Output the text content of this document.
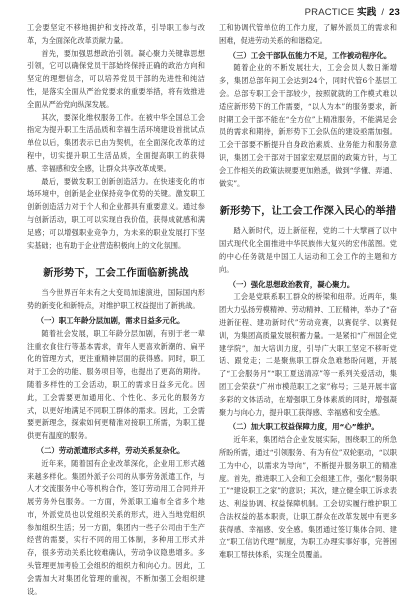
PRACTICE 实践 / 23

工会要坚定不移地拥护和支持改革，引导职工参与改革，为全面深化改革贡献力量。

首先，要加强思想政治引领。凝心聚力关键靠思想引领，它可以确保党员干部始终保持正确的政治方向和坚定的理想信念，可以培养党员干部的先进性和纯洁性，是落实全面从严治党要求的重要举措，将有效推进全面从严治党向纵深发展。

其次，要深化维权服务工作。在被中华全国总工会指定为提升职工生活品质和幸福生活环境建设首批试点单位以后，集团表示已由为契机，在全面深化改革的过程中，切实提升职工生活品质，全面提高职工的获得感、幸福感和安全感，让群众共享改革成果。

最后，要做发职工创新创造活力。在快速变化的市场环境中，创新是企业保持竞争优势的关键。激发职工创新创造活力对于个人和企业都具有重要意义。通过参与创新活动，职工可以实现自我价值，获得成就感和满足感；可以增强职业竞争力，为未来的职业发展打下坚实基础；也有助于企业营造积极向上的文化氛围。

新形势下，工会工作面临新挑战

当今世界百年未有之大变局加速演进，国际国内形势的新变化和新特点，对维护职工权益提出了新挑战。

（一）职工年龄分层加剧，需求日益多元化。

随着社会发展，职工年龄分层加剧，有别于老一辈注重衣食住行等基本需求，青年人更喜欢新潮的、扁平化的管理方式，更注重精神层面的获得感。同时，职工对于工会的功能、服务项目等，也提出了更高的期待。随着多样性的工会活动，职工的需求日益多元化。因此，工会需要更加通用化、个性化、多元化的服务方式，以更好地满足不同职工群体的需求。因此，工会需要更新理念，探索如何更精准对接职工所需，为职工提供更有温度的服务。

（二）劳动派遣形式多样，劳动关系复杂化。

近年来，随着国有企业改革深化，企业用工形式越来越多样化。集团外派子公司的从事劳务派遣工作，与人才交流服务中心等机构合作，签订劳动用工合同并开展劳务外包服务。一方面，外派职工遍布全省多个地市，外派党员也以党组织关系的形式，进入当地党组织参加组织生活；另一方面，集团内一些子公司由于生产经营的需要，实行不同的用工体制，多种用工形式并存，很多劳动关系比较难确认，劳动争议隐患增多。多头管理更加考验工会组织的组织力和向心力。因此，工会需加大对集团化管理的重视，不断加强工会组织建设。

工和协调代管单位的工作力度，了解外派员工的需求和困难，促进劳动关系的和谐稳定。

（三）工会干部队伍能力不足，工作被动程序化。

随着企业的不断发展壮大，工会会员人数日渐增多，集团总部年间工会达到24个，同时代管6个基层工会。总部专职工会干部较少，按照就就的工作模式难以适应新形势下的工作需要，“以人为本”的服务要求，新时期工会干部不能在“全方位”上精准服务，不能满足会员的需求和期待，新形势下工会队伍的建设亟需加强。工会干部要不断提升自身政治素质、业务能力和服务意识，集团工会干部对于国家宏观层面的政策方针，与工会工作相关的政策法规要更加熟悉，做到“学懂、弄通、做实”。

新形势下，让工会工作深入民心的举措

踏入新时代，迈上新征程，党的二十大擘画了以中国式现代化全面推进中华民族伟大复兴的宏伟蓝图。党的中心任务就是中国工人运动和工会工作的主题和方向。

（一）强化思想政治教育，凝心聚力。

工会是党联系职工群众的桥梁和纽带。近两年，集团大力弘扬劳模精神、劳动精神、工匠精神，举办了“奋进新征程、建功新时代”劳动竞赛，以赛促学、以赛促训，为集团高质量发展积蓄力量。一是紧扣“广州国企党建学院”，加大培训力度，引导广大职工坚定不移听党话、跟党走；二是聚焦职工群众急难愁盼问题，开展了“工会服务月”“职工夏送清凉”等一系列关爱活动，集团工会荣获“广州市模范职工之家”称号；三是开展丰富多彩的文体活动，在增强职工身体素质的同时，增强凝聚力与向心力，提升职工获得感、幸福感和安全感。

（二）加大职工权益保障力度，用“心”维护。

近年来，集团结合企业发展实际，围绕职工的所急所盼所需，通过“引领服务、有为有位”双轮驱动，“以职工为中心，以需求为导向”，不断提升服务职工的精准度。首先，推进职工入会和工会组建工作，强化“服务职工”“建设职工之家”的意识；其次，建立健全职工诉求表达、利益协调、权益保障机制。工会切实履行维护职工合法权益的基本职责，让职工群众在改革发展中有更多获得感、幸福感、安全感。集团通过签订集体合同、建立“职工信访代理”制度，为职工办理实事好事，完善困难职工帮扶体系，实现全员覆盖。
